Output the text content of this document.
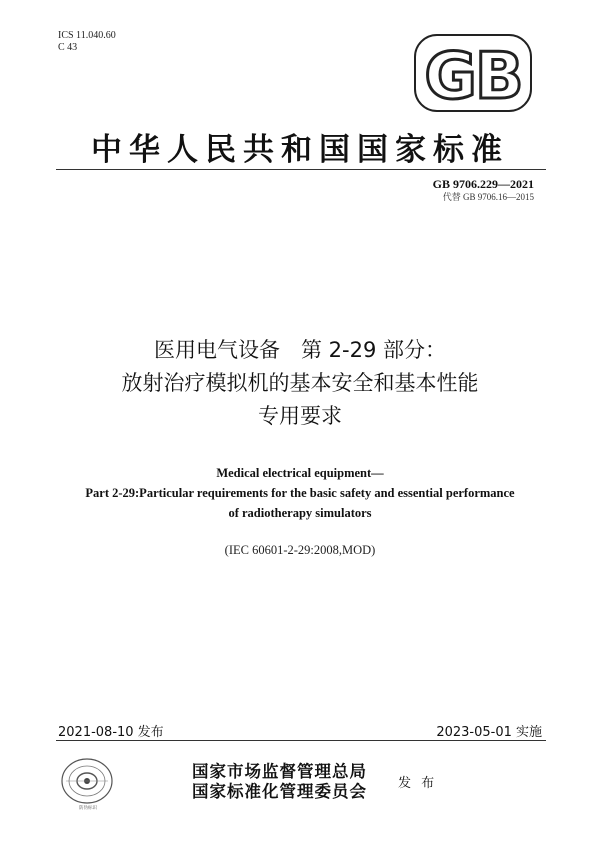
ICS 11.040.60
C 43	GB
中华人民共和国国家标准
GB 9706.229—2021
代替 GB 9706.16—2015
医用电气设备　第 2-29 部分：
放射治疗模拟机的基本安全和基本性能
专用要求
Medical electrical equipment—
Part 2-29:Particular requirements for the basic safety and essential performance
of radiotherapy simulators
(IEC 60601-2-29:2008,MOD)
2021-08-10 发布	2023-05-01 实施
防伪标识
国家市场监督管理总局
国家标准化管理委员会 发 布
